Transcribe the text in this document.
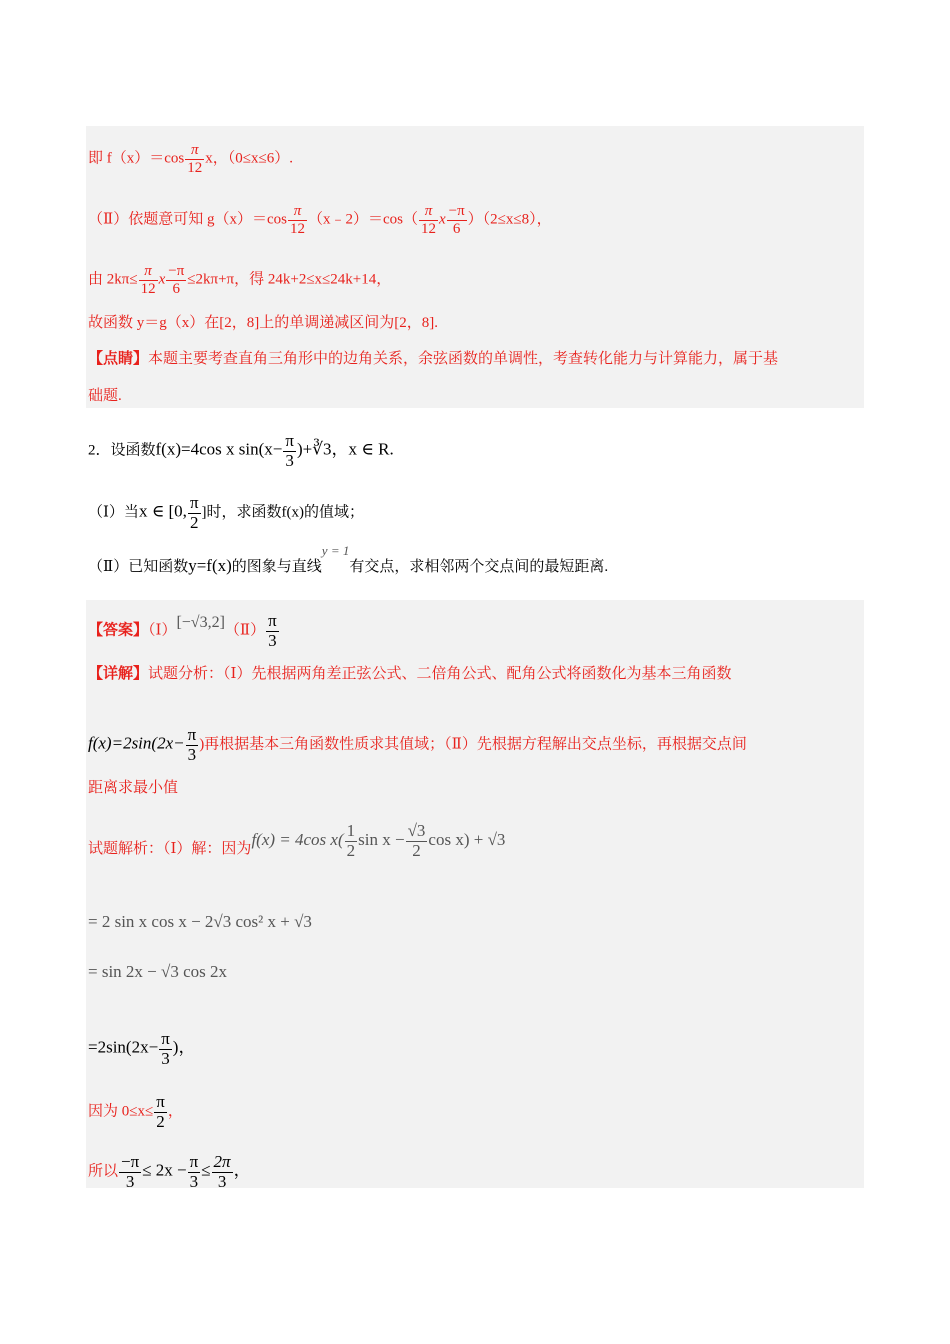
即 $f(x)=\cos \frac{\pi}{12}$ x，（0≤x≤6）.
（Ⅱ）依题意可知 $g(x)=\cos \frac{\pi}{12}$ （x﹣2）＝cos（ $\frac{\pi}{12}$ x $\frac{-\pi}{6} )(2\le x\le 8)$，
由 $2k\pi\le \frac{\pi}{12}$ x $\frac{-\pi}{6} \le 2k\pi+\pi$，得 24k+2≤x≤24k+14，
故函数 y＝g（x）在[2，8]上的单调递减区间为[2，8].
【点睛】本题主要考查直角三角形中的边角关系，余弦函数的单调性，考查转化能力与计算能力，属于基
础题.
2．设函数f(x)=4cos x $\sin(x- \frac{\pi}{3}$ )+∛3，x ∈ R.
（Ⅰ）当x ∈ [0, $\frac{\pi}{2}$ ]时，求函数f(x)的值域；
（Ⅱ）已知函数y=f(x)的图象与直线y = 1有交点，求相邻两个交点间的最短距离.
【答案】（Ⅰ）[−√3,2]（Ⅱ） $\frac{\pi}{3}$
【详解】试题分析：（Ⅰ）先根据两角差正弦公式、二倍角公式、配角公式将函数化为基本三角函数
$f(x)=2\sin(2x- \frac{\pi}{3}$ )再根据基本三角函数性质求其值域；（Ⅱ）先根据方程解出交点坐标，再根据交点间
距离求最小值
试题解析：（Ⅰ）解：因为f(x) = 4cos $x( \frac{1}{2}$ $\sin x - \frac{√3}{2}$ cos x) + √3
= 2 sin x cos x − 2√3 cos² x + √3
= sin 2x − √3 cos 2x
$=2\sin(2x- \frac{\pi}{3}$ )，
因为 $0\le x\le \frac{\pi}{2}$ ，
所以 $\frac{-\pi}{3} \le 2x - \frac{\pi}{3} \le \frac{2\pi}{3}$ ，
